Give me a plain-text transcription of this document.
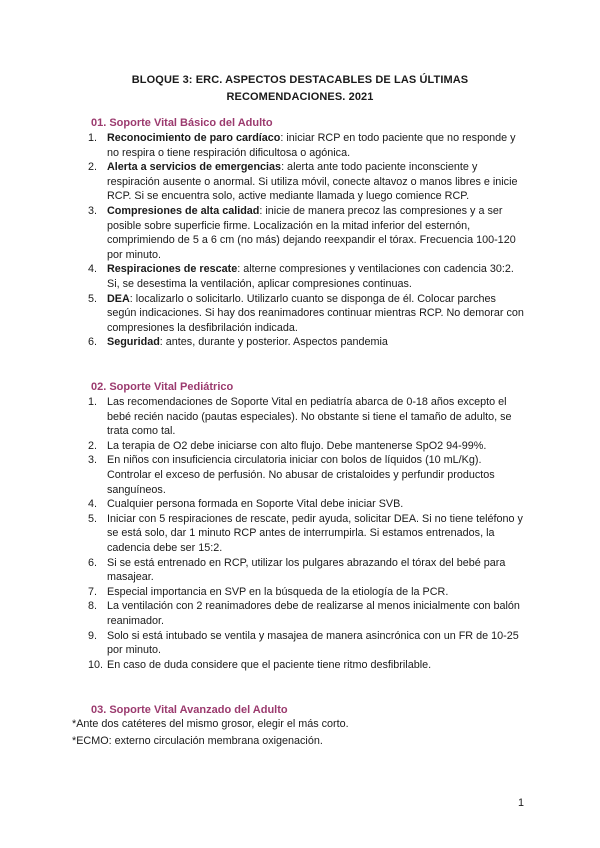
BLOQUE 3: ERC. ASPECTOS DESTACABLES DE LAS ÚLTIMAS
RECOMENDACIONES. 2021
01. Soporte Vital Básico del Adulto
1. Reconocimiento de paro cardíaco: iniciar RCP en todo paciente que no responde y no respira o tiene respiración dificultosa o agónica.
2. Alerta a servicios de emergencias: alerta ante todo paciente inconsciente y respiración ausente o anormal. Si utiliza móvil, conecte altavoz o manos libres e inicie RCP. Si se encuentra solo, active mediante llamada y luego comience RCP.
3. Compresiones de alta calidad: inicie de manera precoz las compresiones y a ser posible sobre superficie firme. Localización en la mitad inferior del esternón, comprimiendo de 5 a 6 cm (no más) dejando reexpandir el tórax. Frecuencia 100-120 por minuto.
4. Respiraciones de rescate: alterne compresiones y ventilaciones con cadencia 30:2. Si, se desestima la ventilación, aplicar compresiones continuas.
5. DEA: localizarlo o solicitarlo. Utilizarlo cuanto se disponga de él. Colocar parches según indicaciones. Si hay dos reanimadores continuar mientras RCP. No demorar con compresiones la desfibrilación indicada.
6. Seguridad: antes, durante y posterior. Aspectos pandemia
02. Soporte Vital Pediátrico
1. Las recomendaciones de Soporte Vital en pediatría abarca de 0-18 años excepto el bebé recién nacido (pautas especiales). No obstante si tiene el tamaño de adulto, se trata como tal.
2. La terapia de O2 debe iniciarse con alto flujo. Debe mantenerse SpO2 94-99%.
3. En niños con insuficiencia circulatoria iniciar con bolos de líquidos (10 mL/Kg). Controlar el exceso de perfusión. No abusar de cristaloides y perfundir productos sanguíneos.
4. Cualquier persona formada en Soporte Vital debe iniciar SVB.
5. Iniciar con 5 respiraciones de rescate, pedir ayuda, solicitar DEA. Si no tiene teléfono y se está solo, dar 1 minuto RCP antes de interrumpirla. Si estamos entrenados, la cadencia debe ser 15:2.
6. Si se está entrenado en RCP, utilizar los pulgares abrazando el tórax del bebé para masajear.
7. Especial importancia en SVP en la búsqueda de la etiología de la PCR.
8. La ventilación con 2 reanimadores debe de realizarse al menos inicialmente con balón reanimador.
9. Solo si está intubado se ventila y masajea de manera asincrónica con un FR de 10-25 por minuto.
10. En caso de duda considere que el paciente tiene ritmo desfibrilable.
03. Soporte Vital Avanzado del Adulto
*Ante dos catéteres del mismo grosor, elegir el más corto.
*ECMO: externo circulación membrana oxigenación.
1
